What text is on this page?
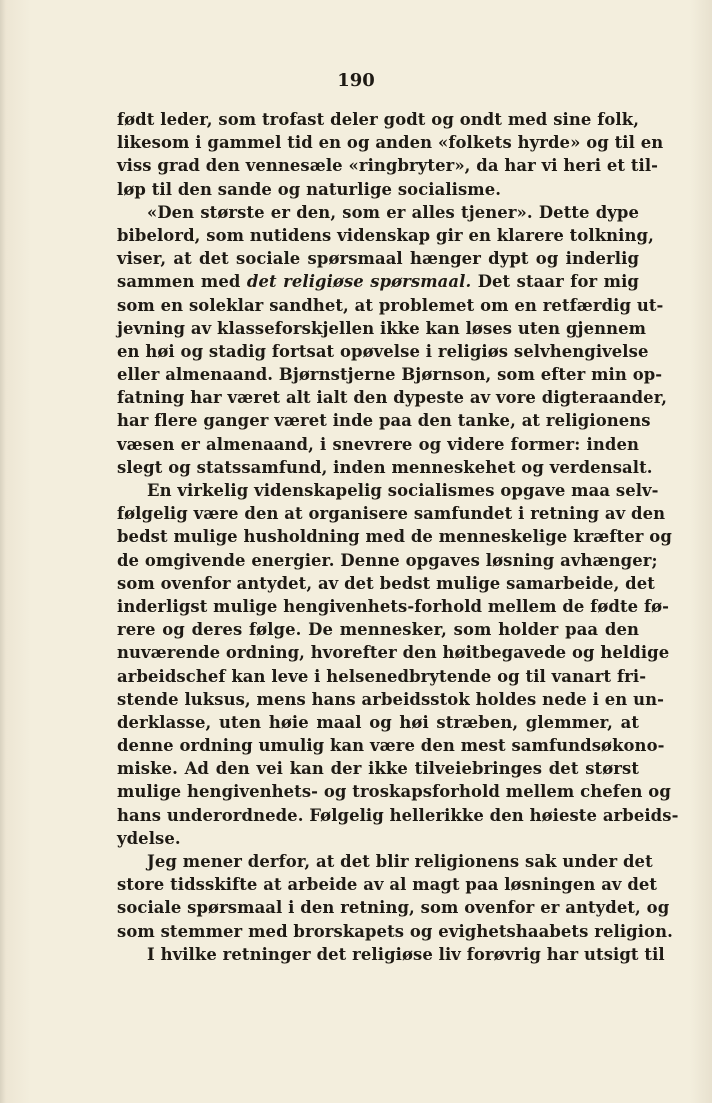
190
født leder, som trofast deler godt og ondt med sine folk,
likesom i gammel tid en og anden «folkets hyrde» og til en
viss grad den vennesæle «ringbryter», da har vi heri et til-
løp til den sande og naturlige socialisme.
«Den største er den, som er alles tjener». Dette dype
bibelord, som nutidens videnskap gir en klarere tolkning,
viser, at det sociale spørsmaal hænger dypt og inderlig
sammen med det religiøse spørsmaal. Det staar for mig
som en soleklar sandhet, at problemet om en retfærdig ut-
jevning av klasseforskjellen ikke kan løses uten gjennem
en høi og stadig fortsat opøvelse i religiøs selvhengivelse
eller almenaand. Bjørnstjerne Bjørnson, som efter min op-
fatning har været alt ialt den dypeste av vore digteraander,
har flere ganger været inde paa den tanke, at religionens
væsen er almenaand, i snevrere og videre former: inden
slegt og statssamfund, inden menneskehet og verdensalt.
En virkelig videnskapelig socialismes opgave maa selv-
følgelig være den at organisere samfundet i retning av den
bedst mulige husholdning med de menneskelige kræfter og
de omgivende energier. Denne opgaves løsning avhænger;
som ovenfor antydet, av det bedst mulige samarbeide, det
inderligst mulige hengivenhets-forhold mellem de fødte fø-
rere og deres følge. De mennesker, som holder paa den
nuværende ordning, hvorefter den høitbegavede og heldige
arbeidschef kan leve i helsenedbrytende og til vanart fri-
stende luksus, mens hans arbeidsstok holdes nede i en un-
derklasse, uten høie maal og høi stræben, glemmer, at
denne ordning umulig kan være den mest samfundsøkono-
miske. Ad den vei kan der ikke tilveiebringes det størst
mulige hengivenhets- og troskapsforhold mellem chefen og
hans underordnede. Følgelig hellerikke den høieste arbeids-
ydelse.
Jeg mener derfor, at det blir religionens sak under det
store tidsskifte at arbeide av al magt paa løsningen av det
sociale spørsmaal i den retning, som ovenfor er antydet, og
som stemmer med brorskapets og evighetshaabets religion.
I hvilke retninger det religiøse liv forøvrig har utsigt til
